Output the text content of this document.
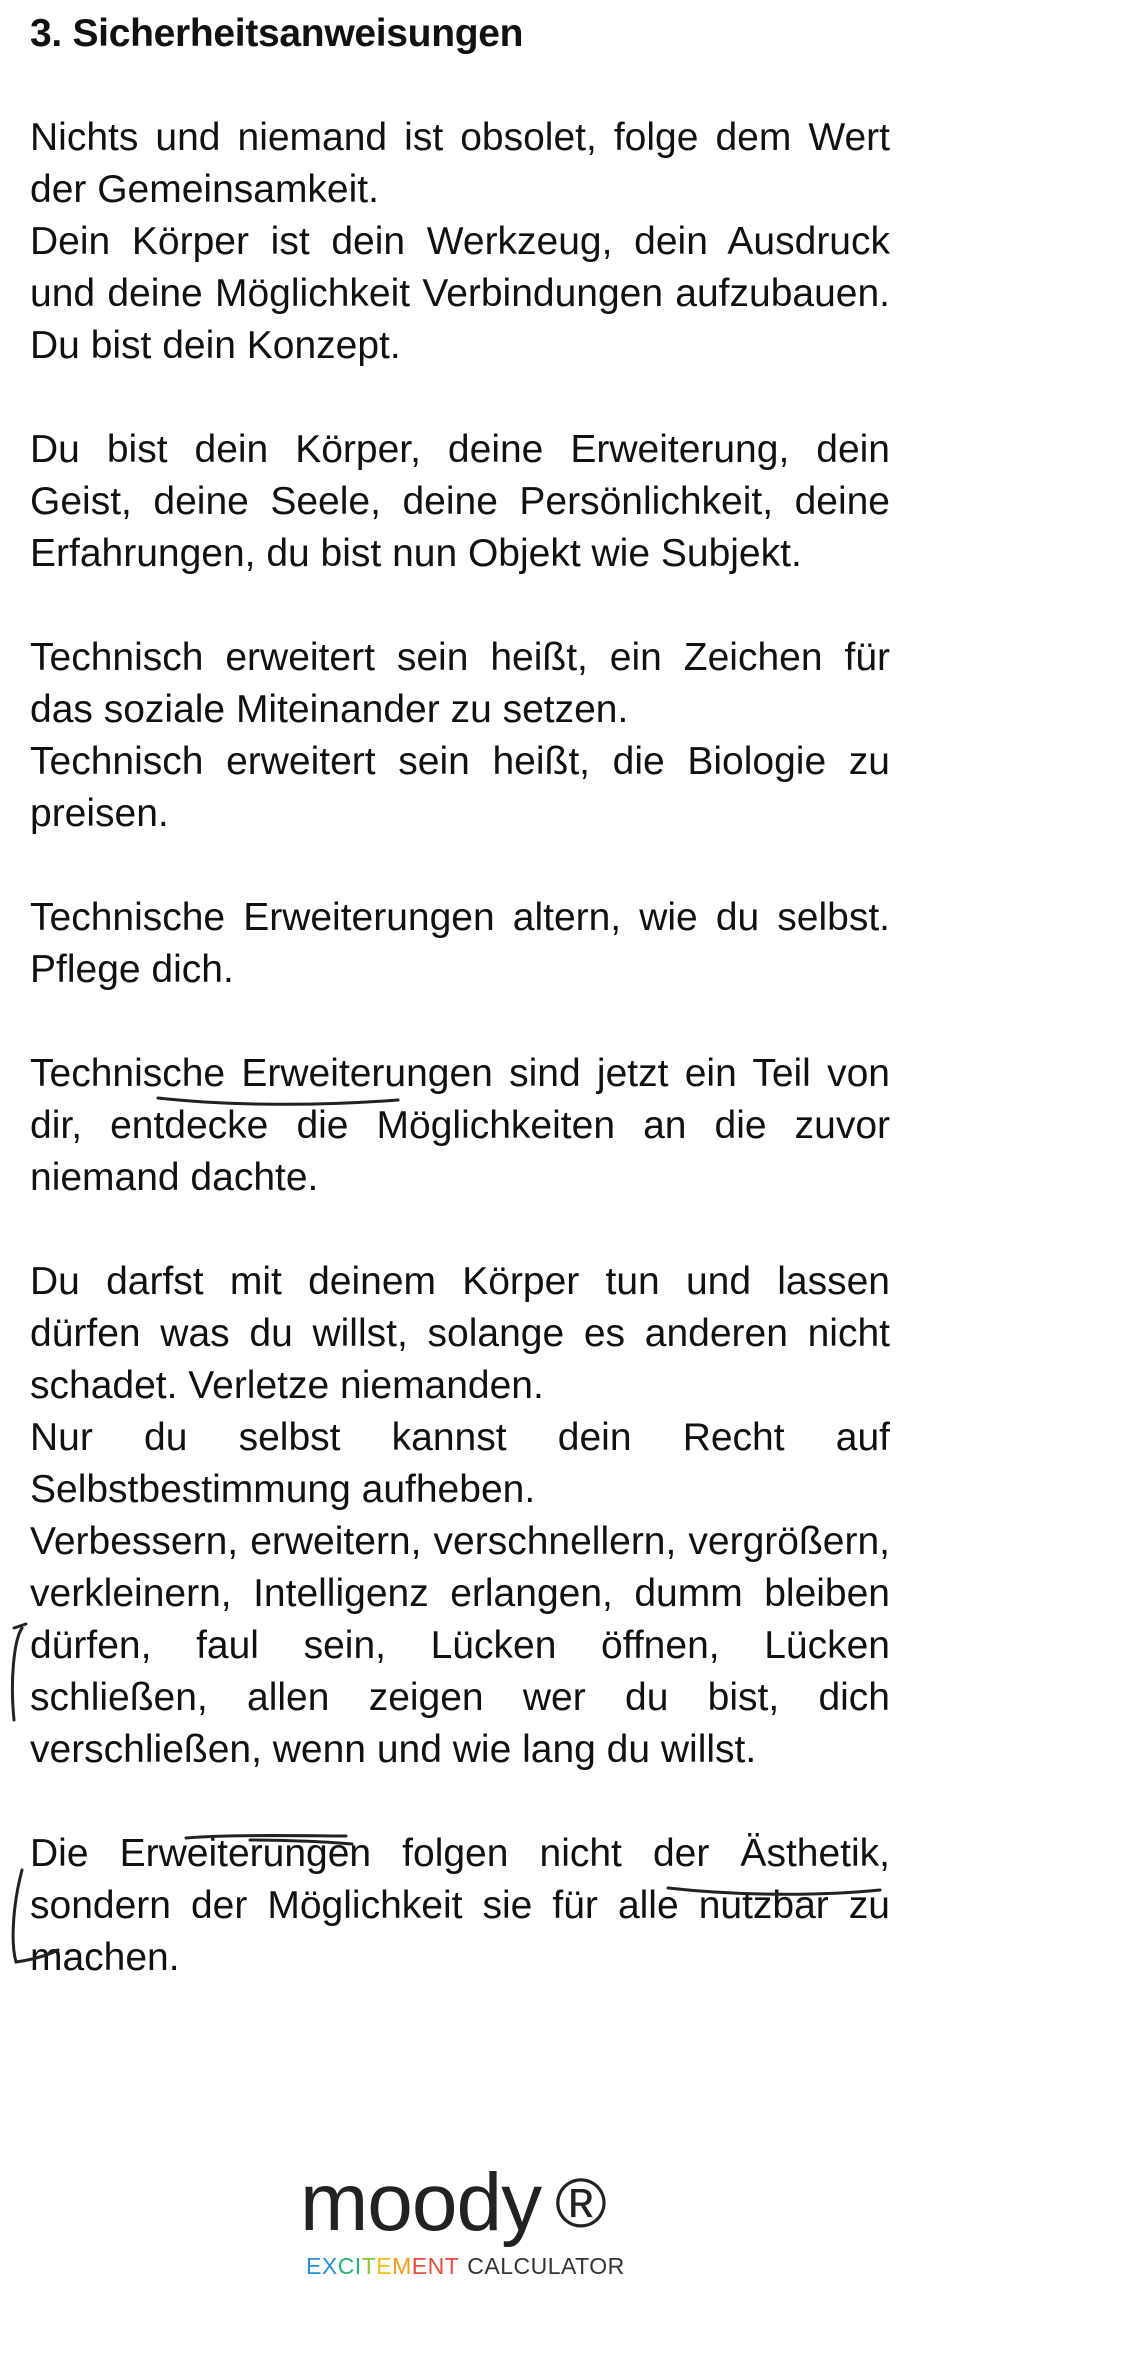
3. Sicherheitsanweisungen

Nichts und niemand ist obsolet, folge dem Wert der Gemeinsamkeit.

Dein Körper ist dein Werkzeug, dein Ausdruck und deine Möglichkeit Verbindungen aufzubauen. Du bist dein Konzept.

Du bist dein Körper, deine Erweiterung, dein Geist, deine Seele, deine Persönlichkeit, deine Erfahrungen, du bist nun Objekt wie Subjekt.

Technisch erweitert sein heißt, ein Zeichen für das soziale Miteinander zu setzen.

Technisch erweitert sein heißt, die Biologie zu preisen.

Technische Erweiterungen altern, wie du selbst. Pflege dich.

Technische Erweiterungen sind jetzt ein Teil von dir, entdecke die Möglichkeiten an die zuvor niemand dachte.

Du darfst mit deinem Körper tun und lassen dürfen was du willst, solange es anderen nicht schadet. Verletze niemanden.

Nur du selbst kannst dein Recht auf Selbstbestimmung aufheben.

Verbessern, erweitern, verschnellern, vergrößern, verkleinern, Intelligenz erlangen, dumm bleiben dürfen, faul sein, Lücken öffnen, Lücken schließen, allen zeigen wer du bist, dich verschließen, wenn und wie lang du willst.

Die Erweiterungen folgen nicht der Ästhetik, sondern der Möglichkeit sie für alle nutzbar zu machen.

moody ®
EXCITEMENT CALCULATOR
